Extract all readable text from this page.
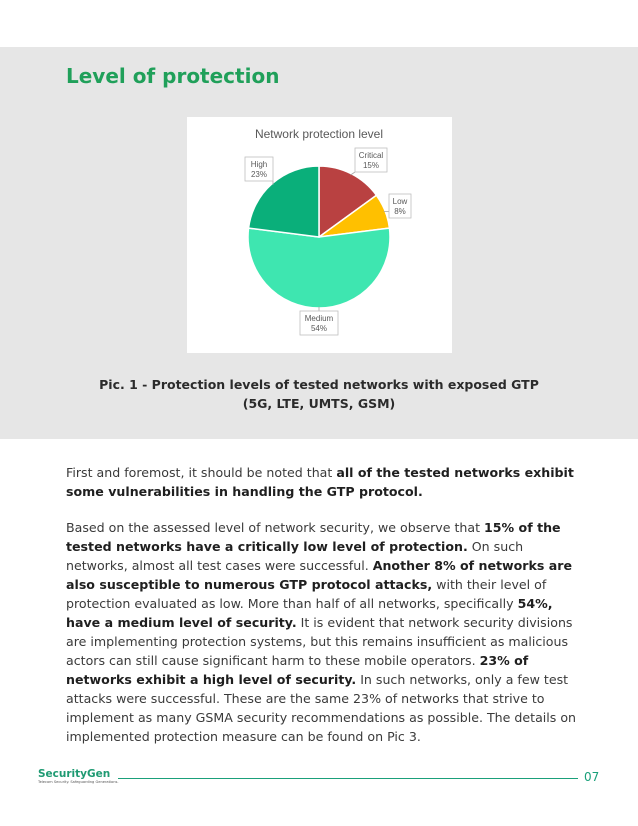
Level of protection
Network protection level
Critical
15%
Low
8%
Medium
54%
High
23%
Pic. 1 - Protection levels of tested networks with exposed GTP
(5G, LTE, UMTS, GSM)

First and foremost, it should be noted that all of the tested networks exhibit some vulnerabilities in handling the GTP protocol.

Based on the assessed level of network security, we observe that 15% of the tested networks have a critically low level of protection. On such networks, almost all test cases were successful. Another 8% of networks are also susceptible to numerous GTP protocol attacks, with their level of protection evaluated as low. More than half of all networks, specifically 54%, have a medium level of security. It is evident that network security divisions are implementing protection systems, but this remains insufficient as malicious actors can still cause significant harm to these mobile operators. 23% of networks exhibit a high level of security. In such networks, only a few test attacks were successful. These are the same 23% of networks that strive to implement as many GSMA security recommendations as possible. The details on implemented protection measure can be found on Pic 3.

SecurityGen
Telecom Security. Safeguarding Generations.	07
